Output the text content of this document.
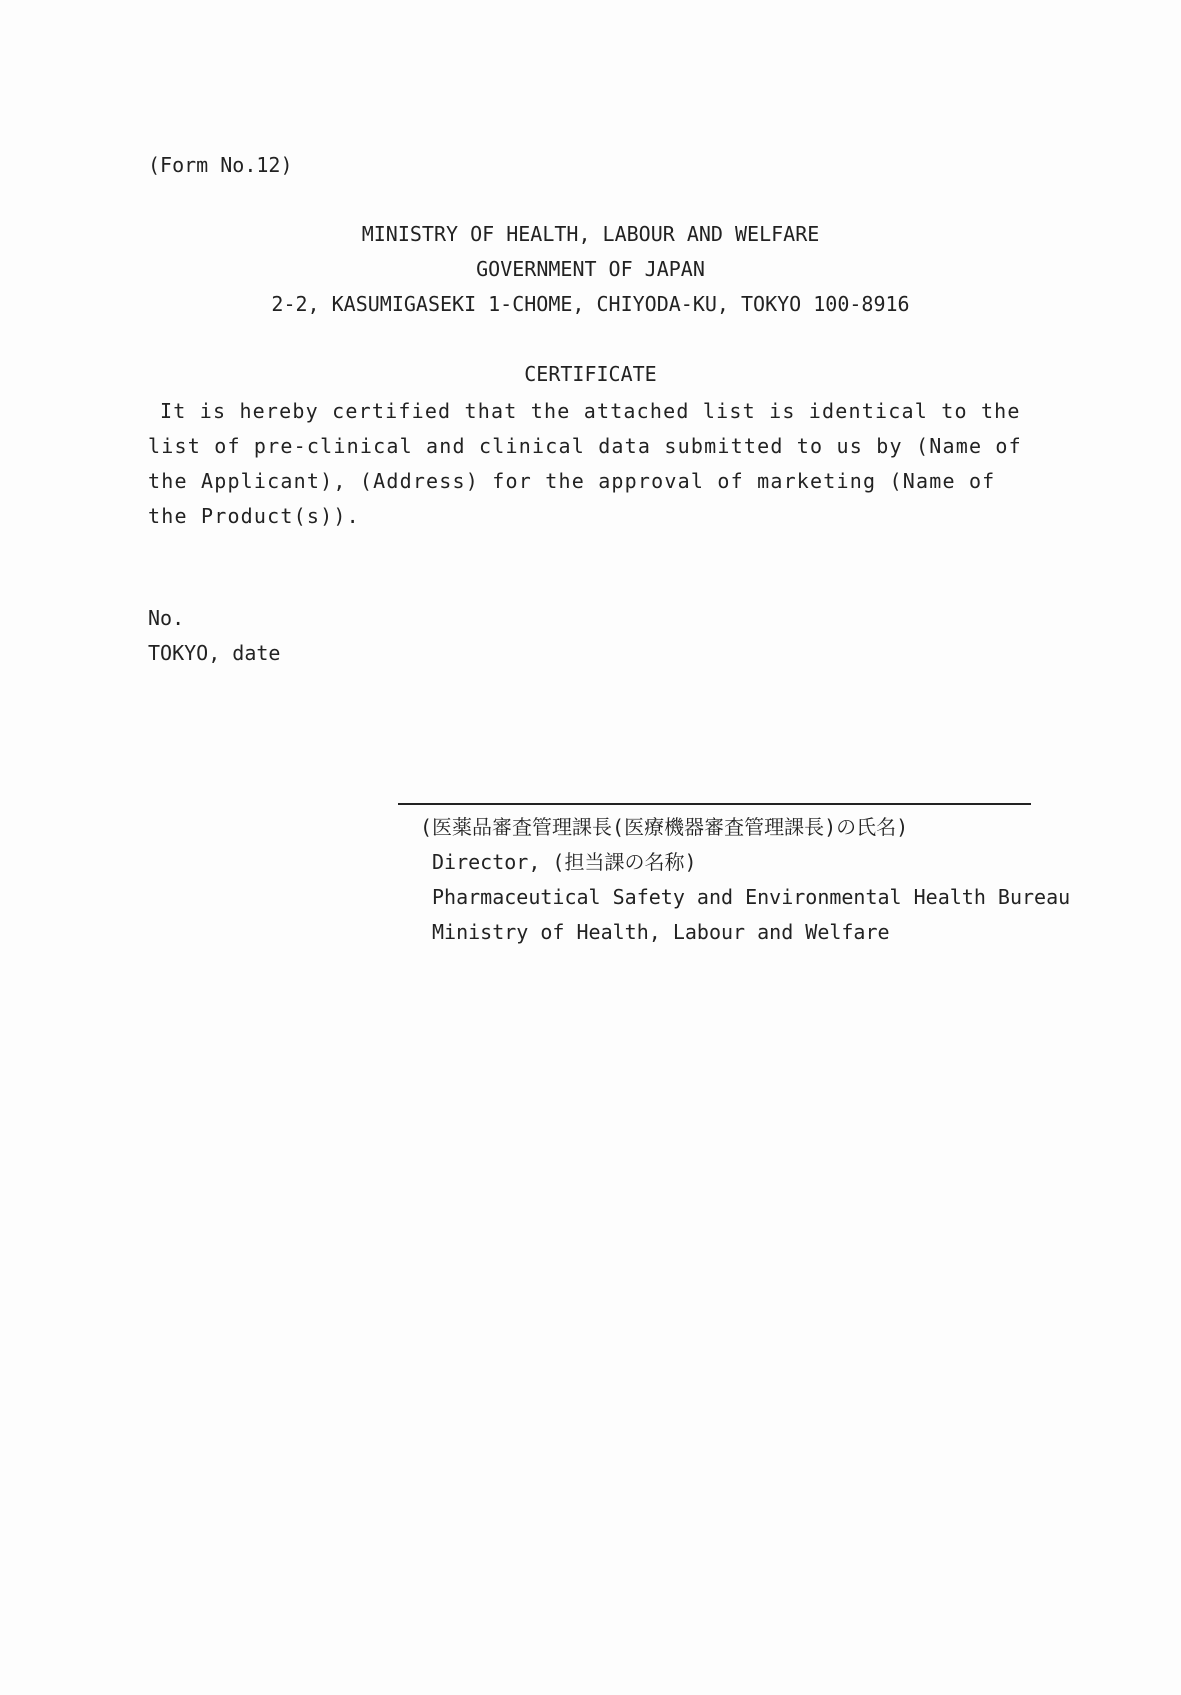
(Form No.12)
MINISTRY OF HEALTH, LABOUR AND WELFARE
GOVERNMENT OF JAPAN
2-2, KASUMIGASEKI 1-CHOME, CHIYODA-KU, TOKYO 100-8916
CERTIFICATE
It is hereby certified that the attached list is identical to the list of pre-clinical and clinical data submitted to us by (Name of the Applicant), (Address) for the approval of marketing (Name of the Product(s)).
No.
TOKYO, date
(医薬品審査管理課長(医療機器審査管理課長)の氏名)
Director, (担当課の名称)
Pharmaceutical Safety and Environmental Health Bureau
Ministry of Health, Labour and Welfare
